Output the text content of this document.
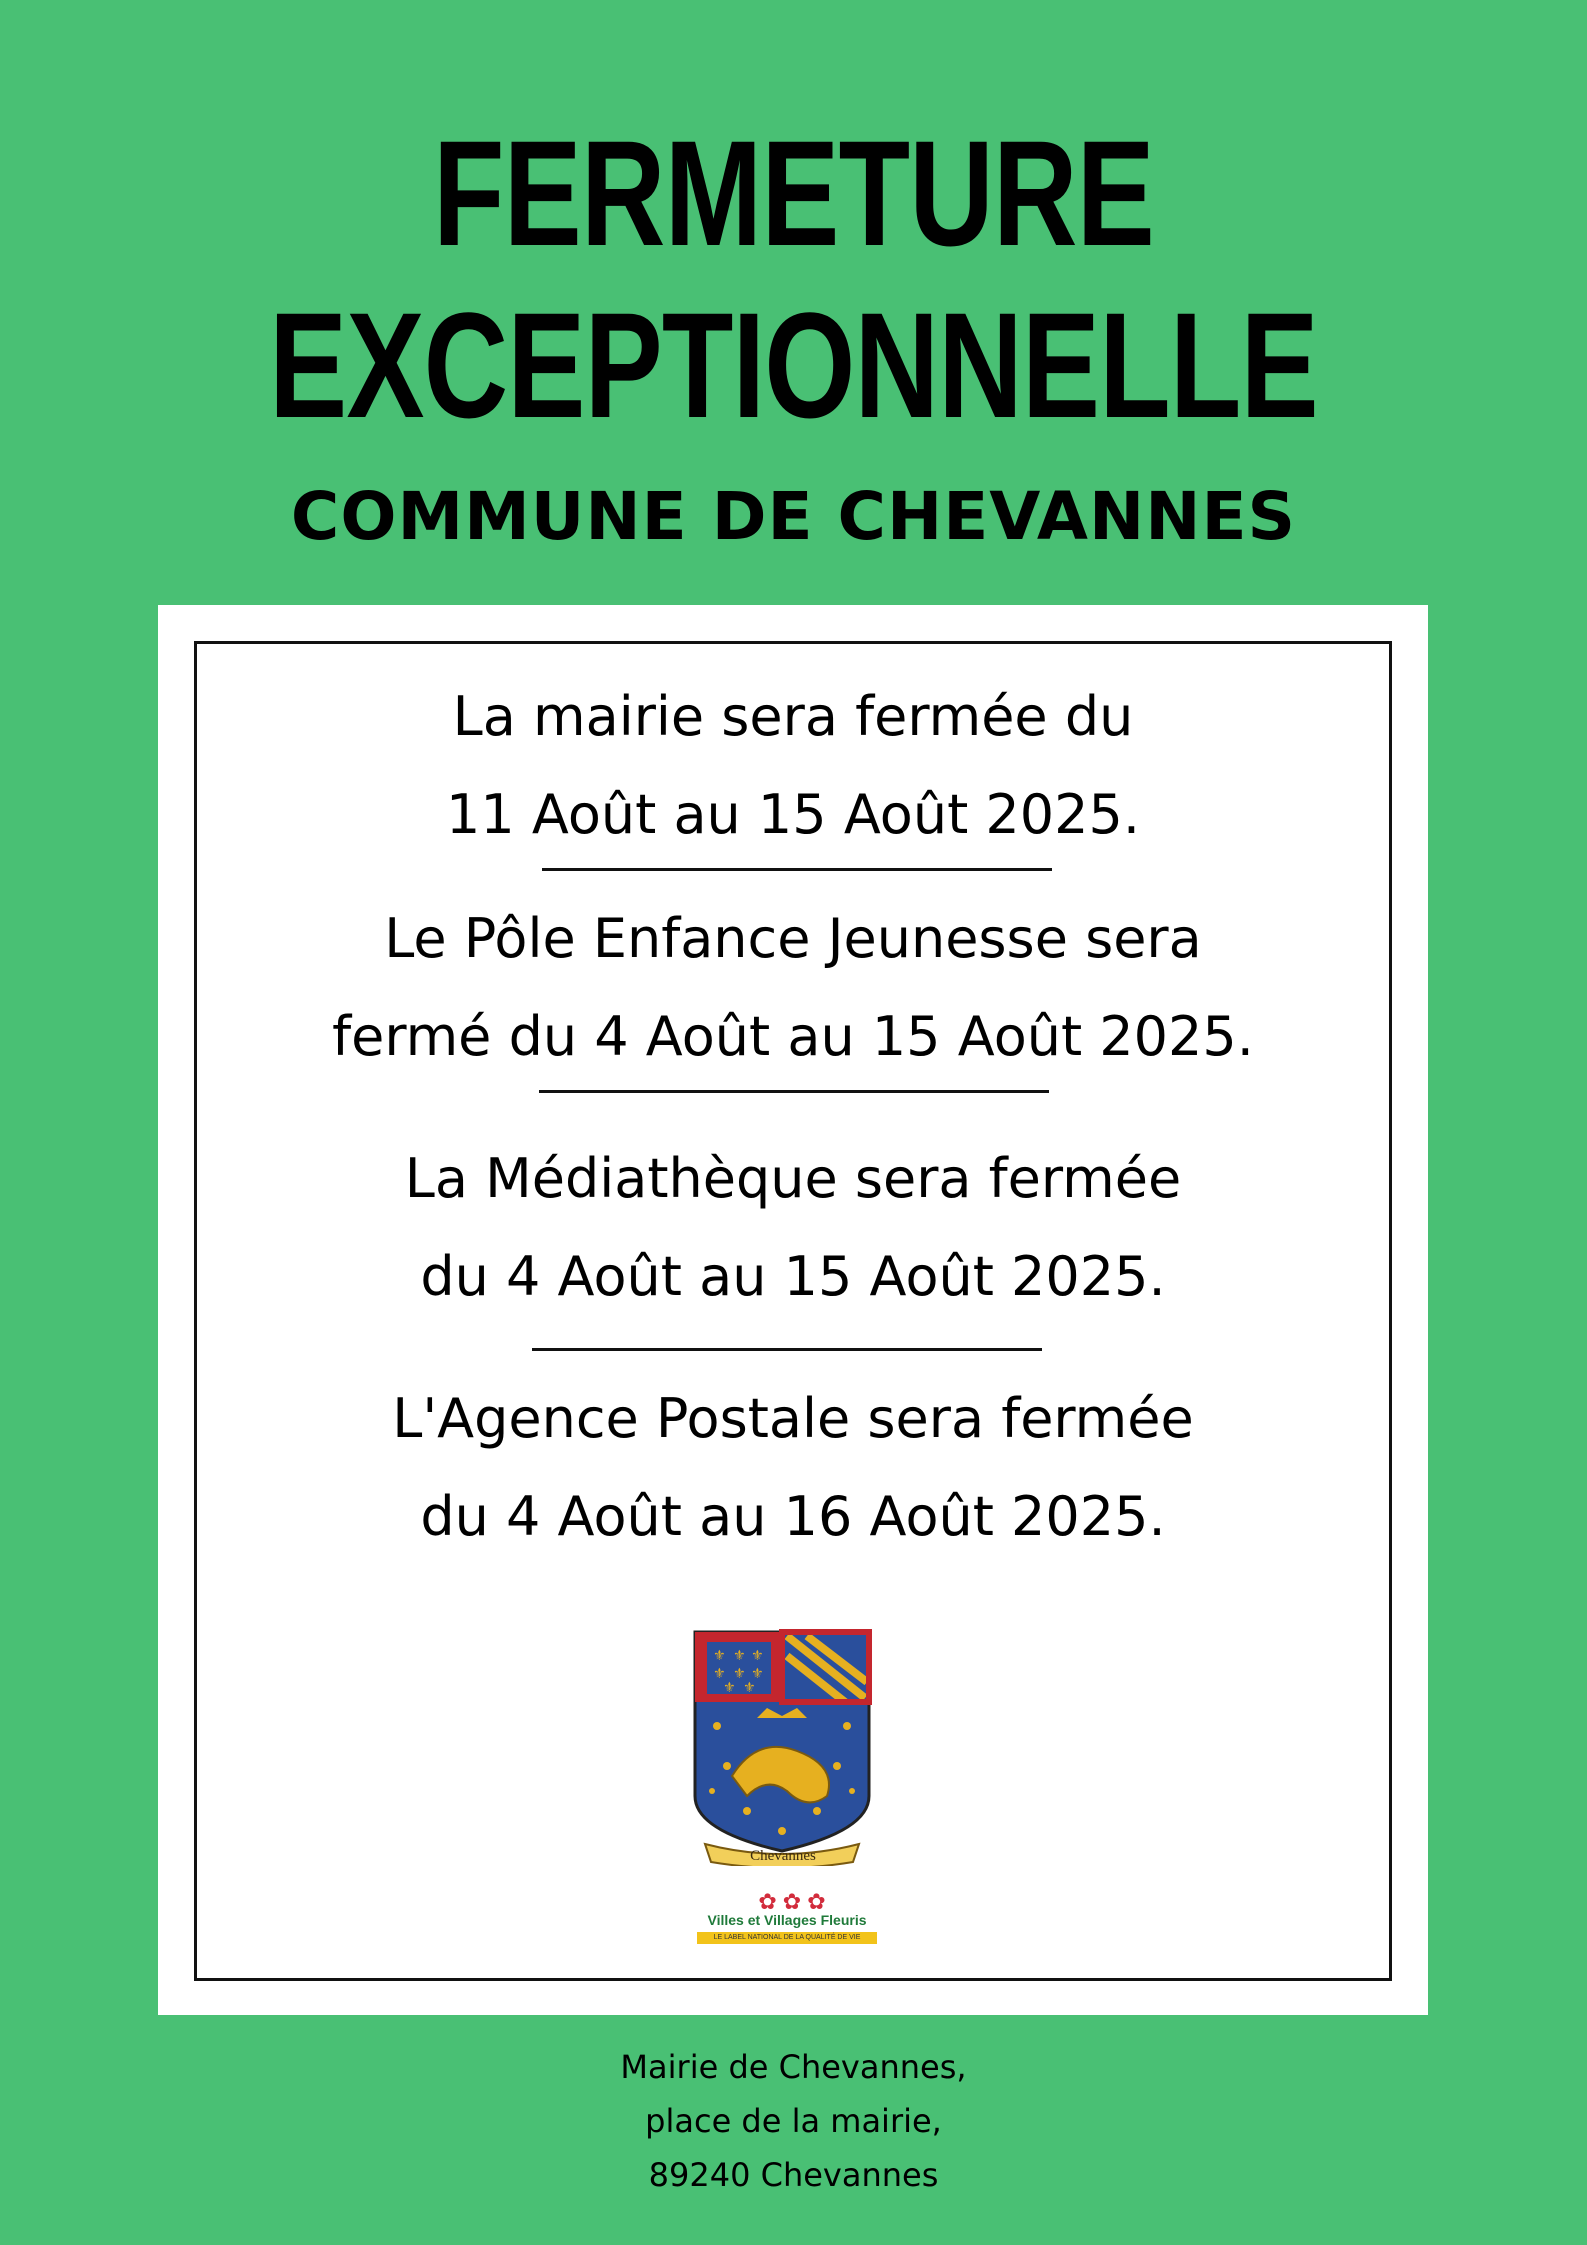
FERMETURE
EXCEPTIONNELLE
COMMUNE DE CHEVANNES

La mairie sera fermée du

11 Août au 15 Août 2025.

Le Pôle Enfance Jeunesse sera

fermé du 4 Août au 15 Août 2025.

La Médiathèque sera fermée

du 4 Août au 15 Août 2025.

L'Agence Postale sera fermée

du 4 Août au 16 Août 2025.

⚜ ⚜ ⚜
⚜ ⚜ ⚜
⚜ ⚜
Chevannes
✿✿✿
Villes et Villages Fleuris
LE LABEL NATIONAL DE LA QUALITÉ DE VIE

Mairie de Chevannes,

place de la mairie,

89240 Chevannes
